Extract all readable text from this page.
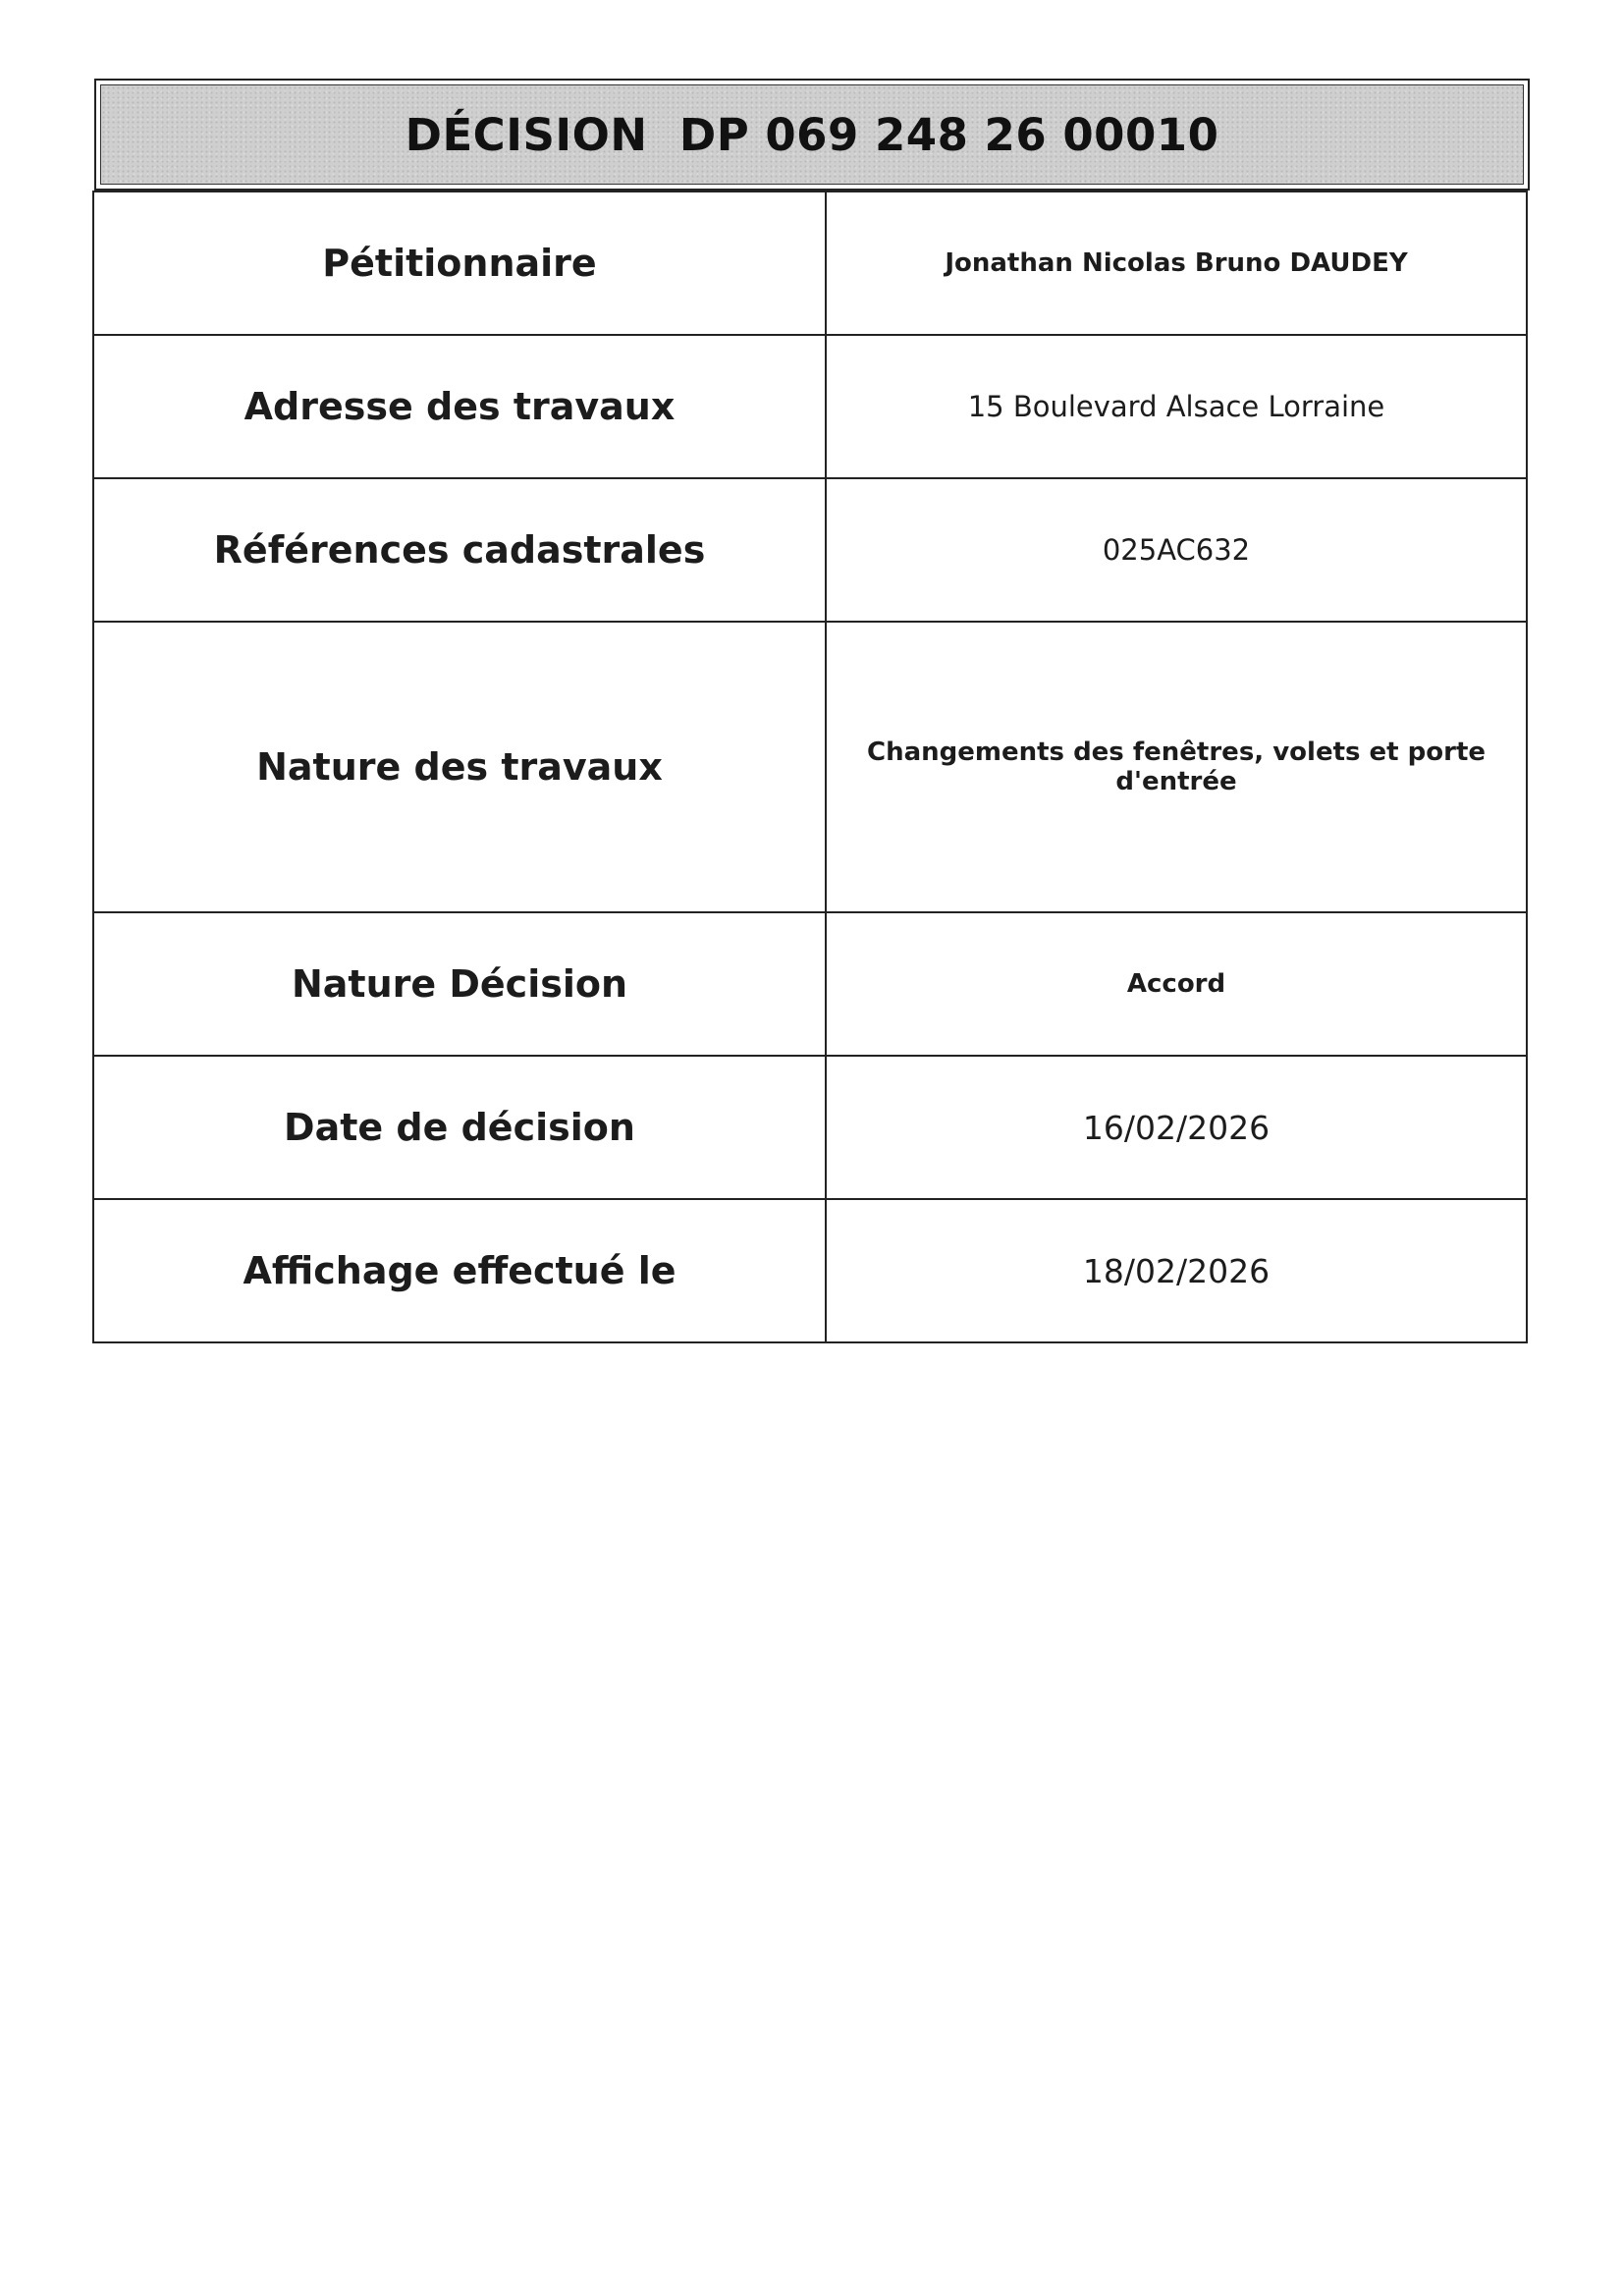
DÉCISION  DP 069 248 26 00010
Pétitionnaire	Jonathan Nicolas Bruno DAUDEY
Adresse des travaux	15 Boulevard Alsace Lorraine
Références cadastrales	025AC632
Nature des travaux	Changements des fenêtres, volets et porte d'entrée
Nature Décision	Accord
Date de décision	16/02/2026
Affichage effectué le	18/02/2026
